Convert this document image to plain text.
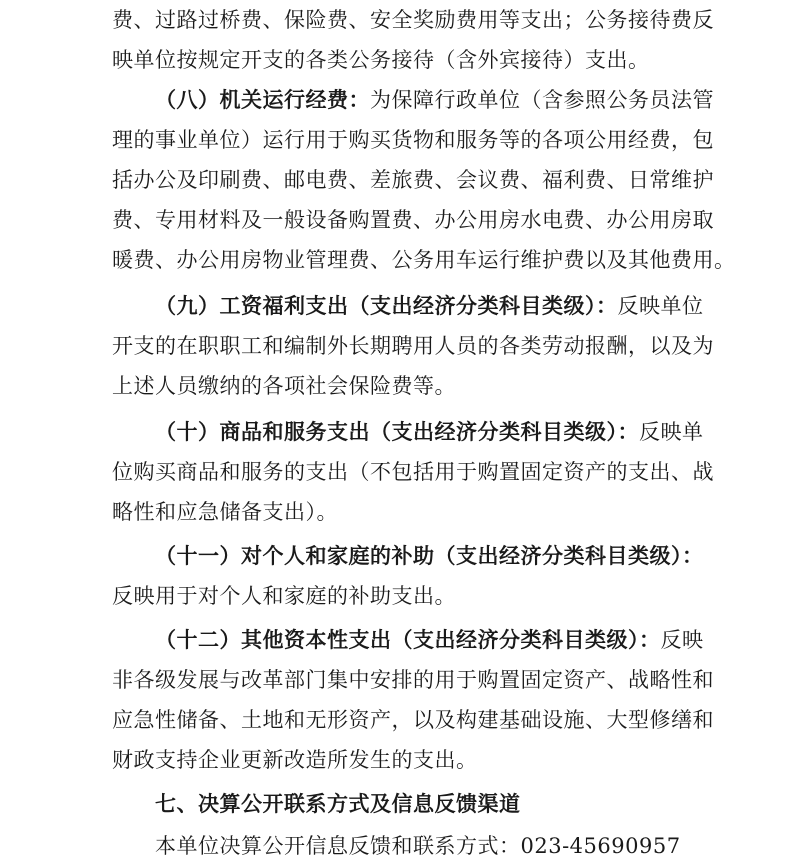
费、过路过桥费、保险费、安全奖励费用等支出；公务接待费反
映单位按规定开支的各类公务接待（含外宾接待）支出。
（八）机关运行经费：为保障行政单位（含参照公务员法管
理的事业单位）运行用于购买货物和服务等的各项公用经费，包
括办公及印刷费、邮电费、差旅费、会议费、福利费、日常维护
费、专用材料及一般设备购置费、办公用房水电费、办公用房取
暖费、办公用房物业管理费、公务用车运行维护费以及其他费用。
（九）工资福利支出（支出经济分类科目类级）：反映单位
开支的在职职工和编制外长期聘用人员的各类劳动报酬，以及为
上述人员缴纳的各项社会保险费等。
（十）商品和服务支出（支出经济分类科目类级）：反映单
位购买商品和服务的支出（不包括用于购置固定资产的支出、战
略性和应急储备支出）。
（十一）对个人和家庭的补助（支出经济分类科目类级）：
反映用于对个人和家庭的补助支出。
（十二）其他资本性支出（支出经济分类科目类级）：反映
非各级发展与改革部门集中安排的用于购置固定资产、战略性和
应急性储备、土地和无形资产，以及构建基础设施、大型修缮和
财政支持企业更新改造所发生的支出。
七、决算公开联系方式及信息反馈渠道
本单位决算公开信息反馈和联系方式：023-45690957
